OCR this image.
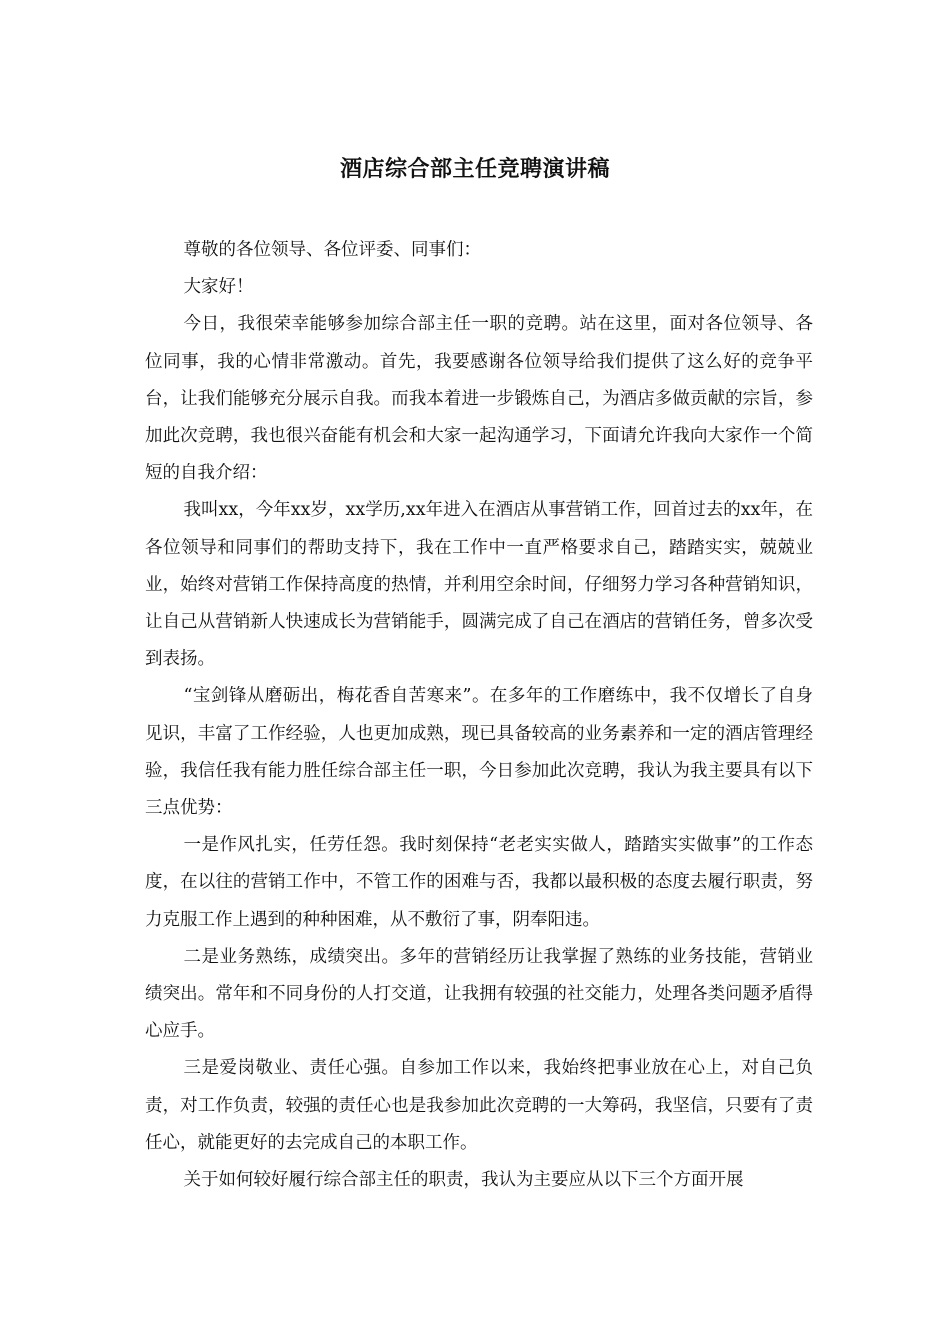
酒店综合部主任竞聘演讲稿

尊敬的各位领导、各位评委、同事们：

大家好！

今日，我很荣幸能够参加综合部主任一职的竞聘。站在这里，面对各位领导、各位同事，我的心情非常激动。首先，我要感谢各位领导给我们提供了这么好的竞争平台，让我们能够充分展示自我。而我本着进一步锻炼自己，为酒店多做贡献的宗旨，参加此次竞聘，我也很兴奋能有机会和大家一起沟通学习，下面请允许我向大家作一个简短的自我介绍：

我叫xx，今年xx岁，xx学历,xx年进入在酒店从事营销工作，回首过去的xx年，在各位领导和同事们的帮助支持下，我在工作中一直严格要求自己，踏踏实实，兢兢业业，始终对营销工作保持高度的热情，并利用空余时间，仔细努力学习各种营销知识，让自己从营销新人快速成长为营销能手，圆满完成了自己在酒店的营销任务，曾多次受到表扬。

“宝剑锋从磨砺出，梅花香自苦寒来”。在多年的工作磨练中，我不仅增长了自身见识，丰富了工作经验，人也更加成熟，现已具备较高的业务素养和一定的酒店管理经验，我信任我有能力胜任综合部主任一职，今日参加此次竞聘，我认为我主要具有以下三点优势：

一是作风扎实，任劳任怨。我时刻保持“老老实实做人，踏踏实实做事”的工作态度，在以往的营销工作中，不管工作的困难与否，我都以最积极的态度去履行职责，努力克服工作上遇到的种种困难，从不敷衍了事，阴奉阳违。

二是业务熟练，成绩突出。多年的营销经历让我掌握了熟练的业务技能，营销业绩突出。常年和不同身份的人打交道，让我拥有较强的社交能力，处理各类问题矛盾得心应手。

三是爱岗敬业、责任心强。自参加工作以来，我始终把事业放在心上，对自己负责，对工作负责，较强的责任心也是我参加此次竞聘的一大筹码，我坚信，只要有了责任心，就能更好的去完成自己的本职工作。

关于如何较好履行综合部主任的职责，我认为主要应从以下三个方面开展
